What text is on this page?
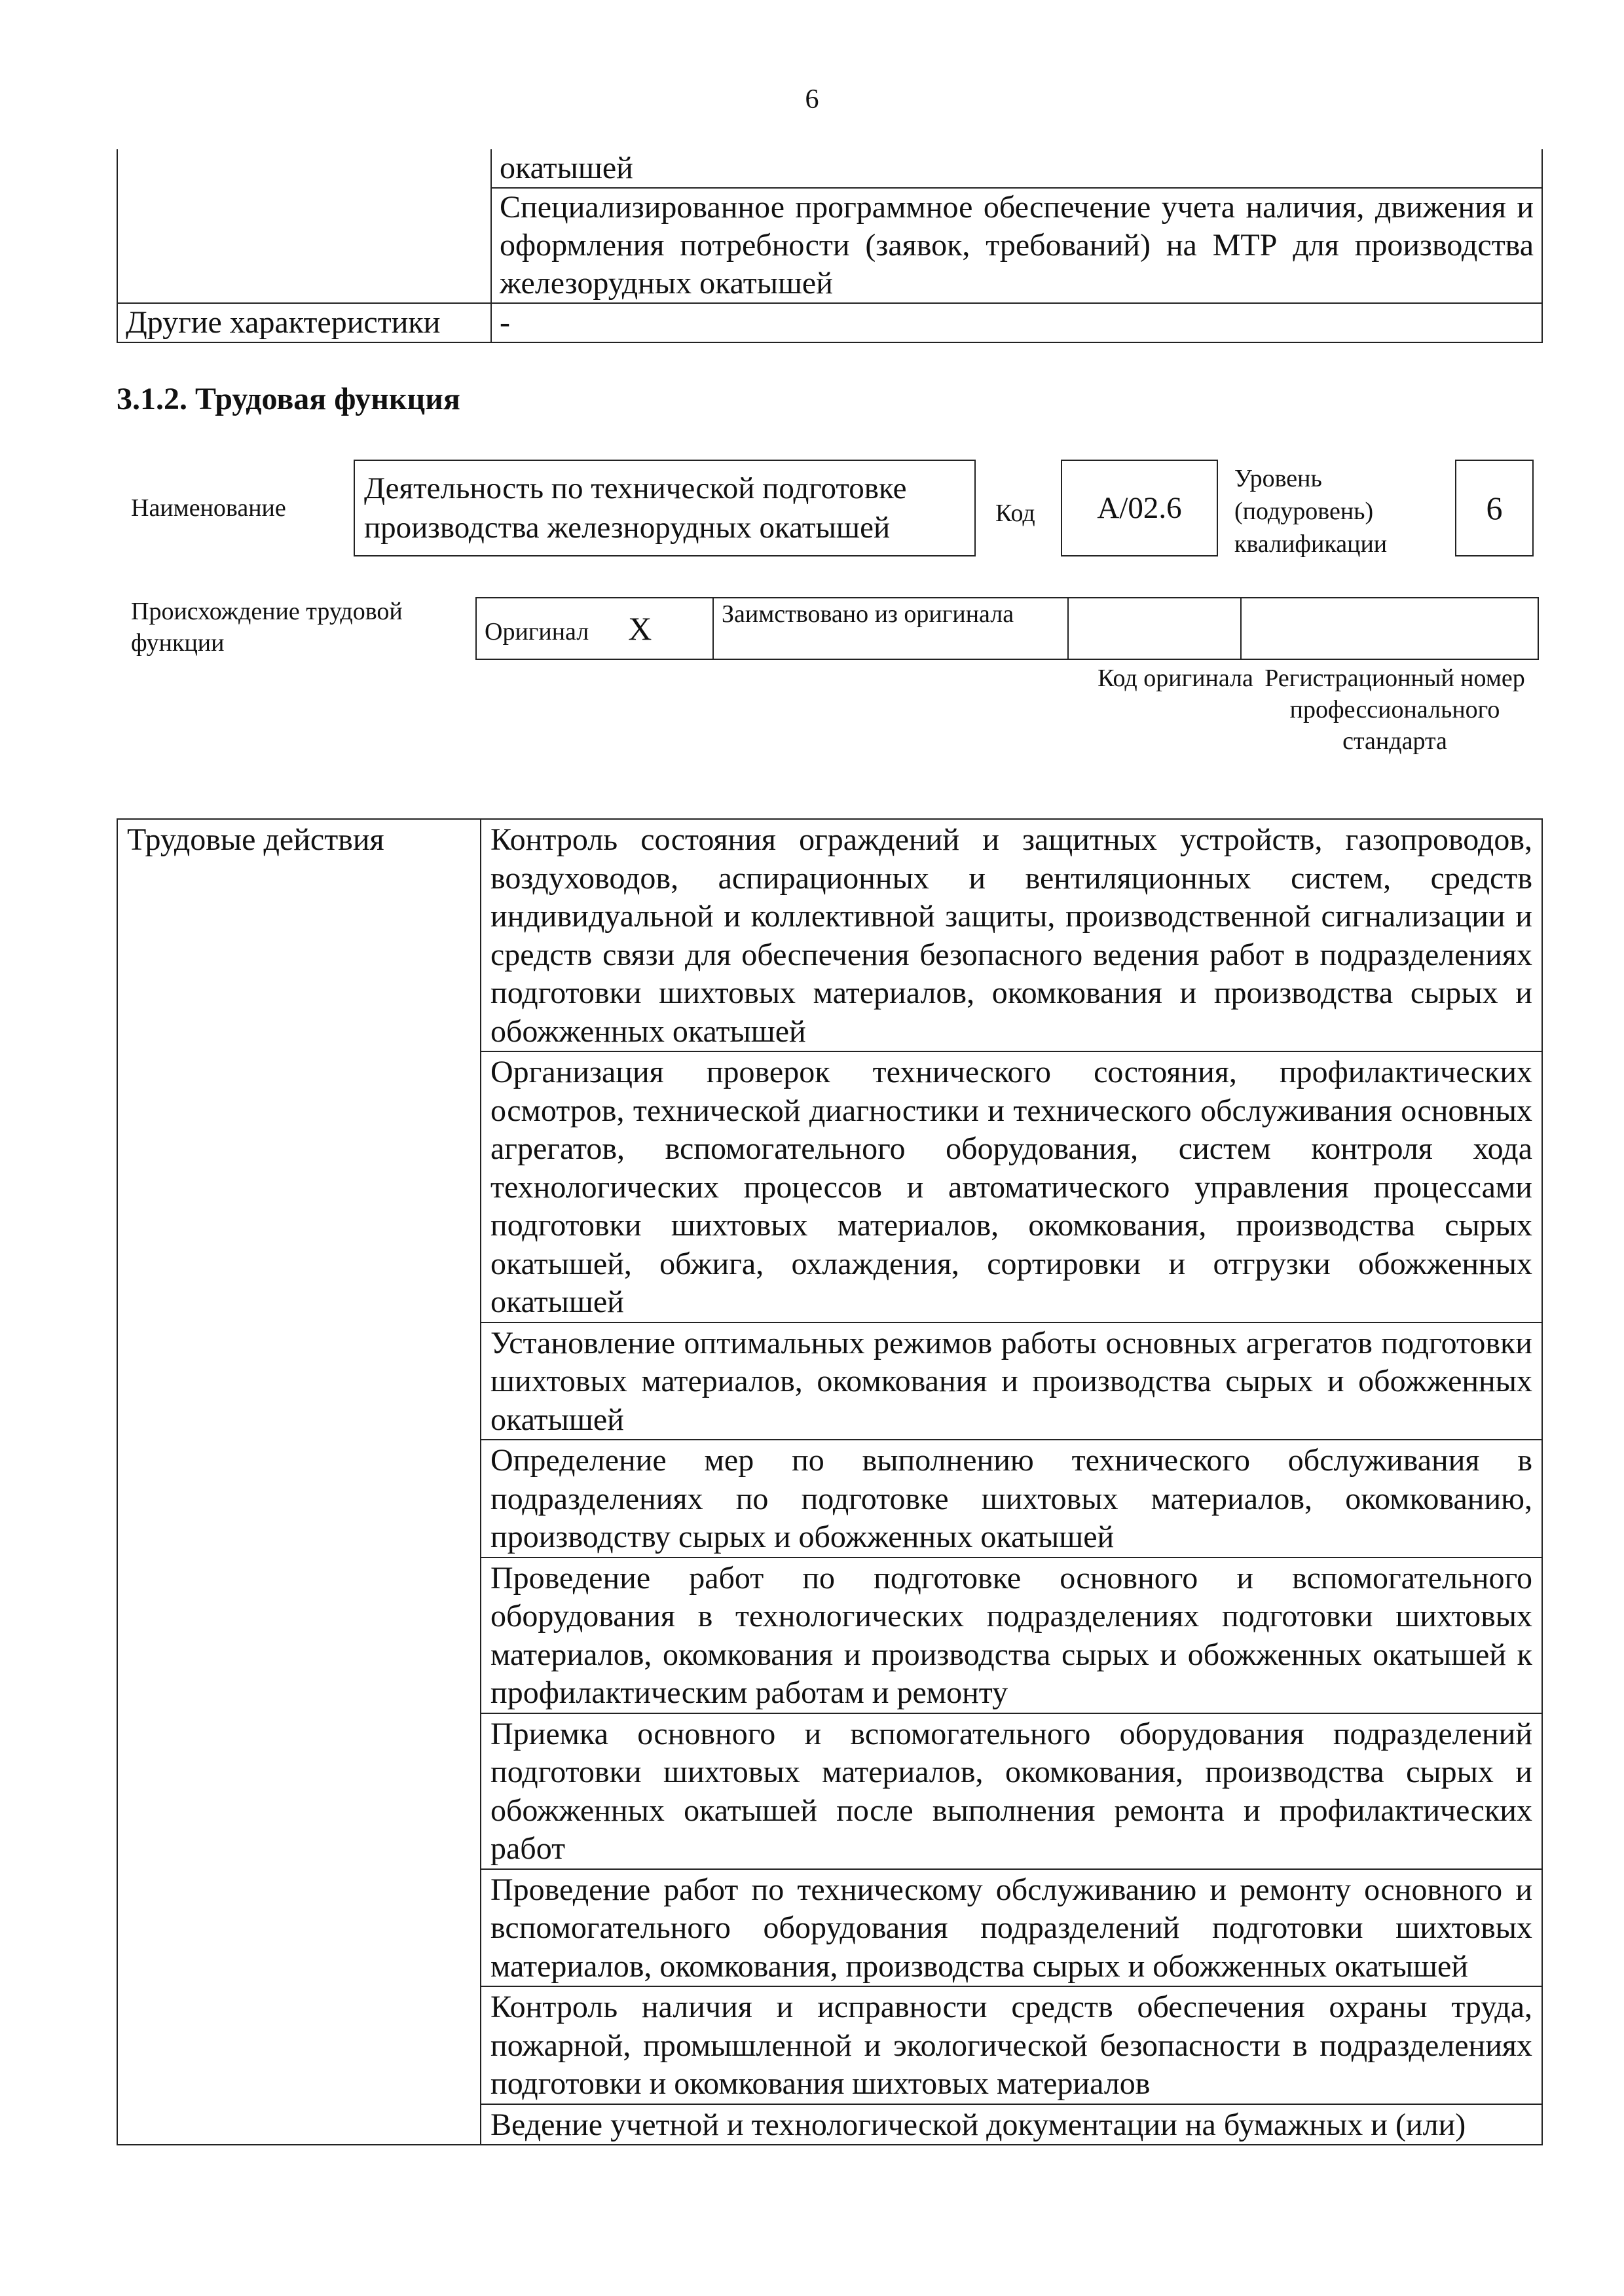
6
	окатышей
	Специализированное программное обеспечение учета наличия, движения и оформления потребности (заявок, требований) на МТР для производства железорудных окатышей
Другие характеристики	-
3.1.2. Трудовая функция
Наименование
Деятельность по технической подготовке производства железнорудных окатышей	Код А/02.6
Уровень (подуровень) квалификации
6
Происхождение трудовой функции	Оригинал X	Заимствовано из оригинала		
Код оригинала Регистрационный номер профессионального стандарта
Трудовые действия	Контроль состояния ограждений и защитных устройств, газопроводов, воздуховодов, аспирационных и вентиляционных систем, средств индивидуальной и коллективной защиты, производственной сигнализации и средств связи для обеспечения безопасного ведения работ в подразделениях подготовки шихтовых материалов, окомкования и производства сырых и обожженных окатышей
Организация проверок технического состояния, профилактических осмотров, технической диагностики и технического обслуживания основных агрегатов, вспомогательного оборудования, систем контроля хода технологических процессов и автоматического управления процессами подготовки шихтовых материалов, окомкования, производства сырых окатышей, обжига, охлаждения, сортировки и отгрузки обожженных окатышей
Установление оптимальных режимов работы основных агрегатов подготовки шихтовых материалов, окомкования и производства сырых и обожженных окатышей
Определение мер по выполнению технического обслуживания в подразделениях по подготовке шихтовых материалов, окомкованию, производству сырых и обожженных окатышей
Проведение работ по подготовке основного и вспомогательного оборудования в технологических подразделениях подготовки шихтовых материалов, окомкования и производства сырых и обожженных окатышей к профилактическим работам и ремонту
Приемка основного и вспомогательного оборудования подразделений подготовки шихтовых материалов, окомкования, производства сырых и обожженных окатышей после выполнения ремонта и профилактических работ
Проведение работ по техническому обслуживанию и ремонту основного и вспомогательного оборудования подразделений подготовки шихтовых материалов, окомкования, производства сырых и обожженных окатышей
Контроль наличия и исправности средств обеспечения охраны труда, пожарной, промышленной и экологической безопасности в подразделениях подготовки и окомкования шихтовых материалов
Ведение учетной и технологической документации на бумажных и (или)
